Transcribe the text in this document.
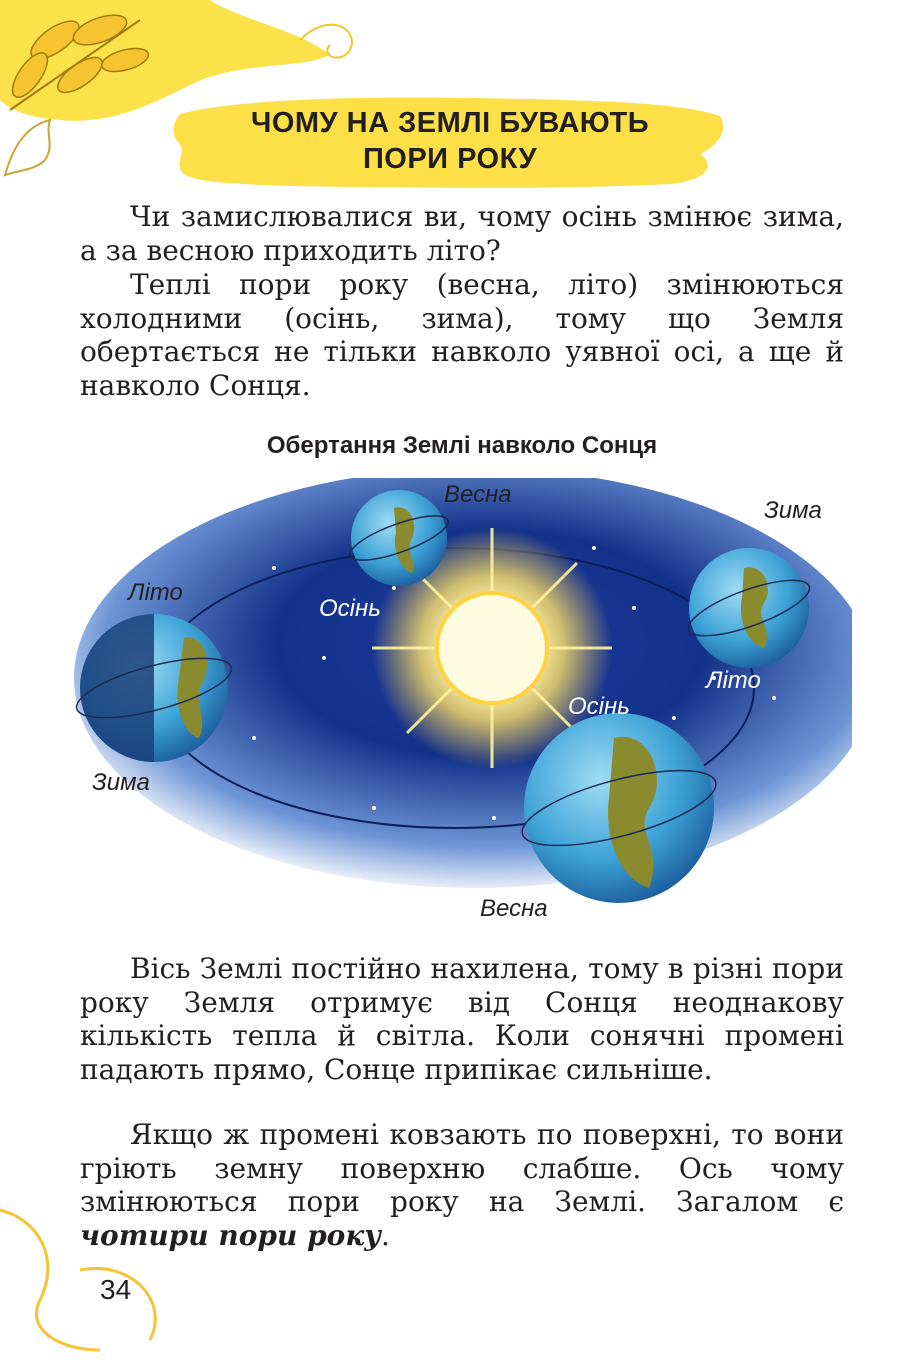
ЧОМУ НА ЗЕМЛІ БУВАЮТЬ
ПОРИ РОКУ

Чи замислювалися ви, чому осінь змінює зима, а за весною приходить літо?

Теплі пори року (весна, літо) змінюються холодними (осінь, зима), тому що Земля обертається не тільки навколо уявної осі, а ще й навколо Сонця.

Обертання Землі навколо Сонця
Весна
Осінь
Зима
Літо
Літо
Зима
Осінь
Весна

Вісь Землі постійно нахилена, тому в різні пори року Земля отримує від Сонця неоднакову кількість тепла й світла. Коли сонячні промені падають прямо, Сонце припікає сильніше.

Якщо ж промені ковзають по поверхні, то вони гріють земну поверхню слабше. Ось чому змінюються пори року на Землі. Загалом є чотири пори року.

34
